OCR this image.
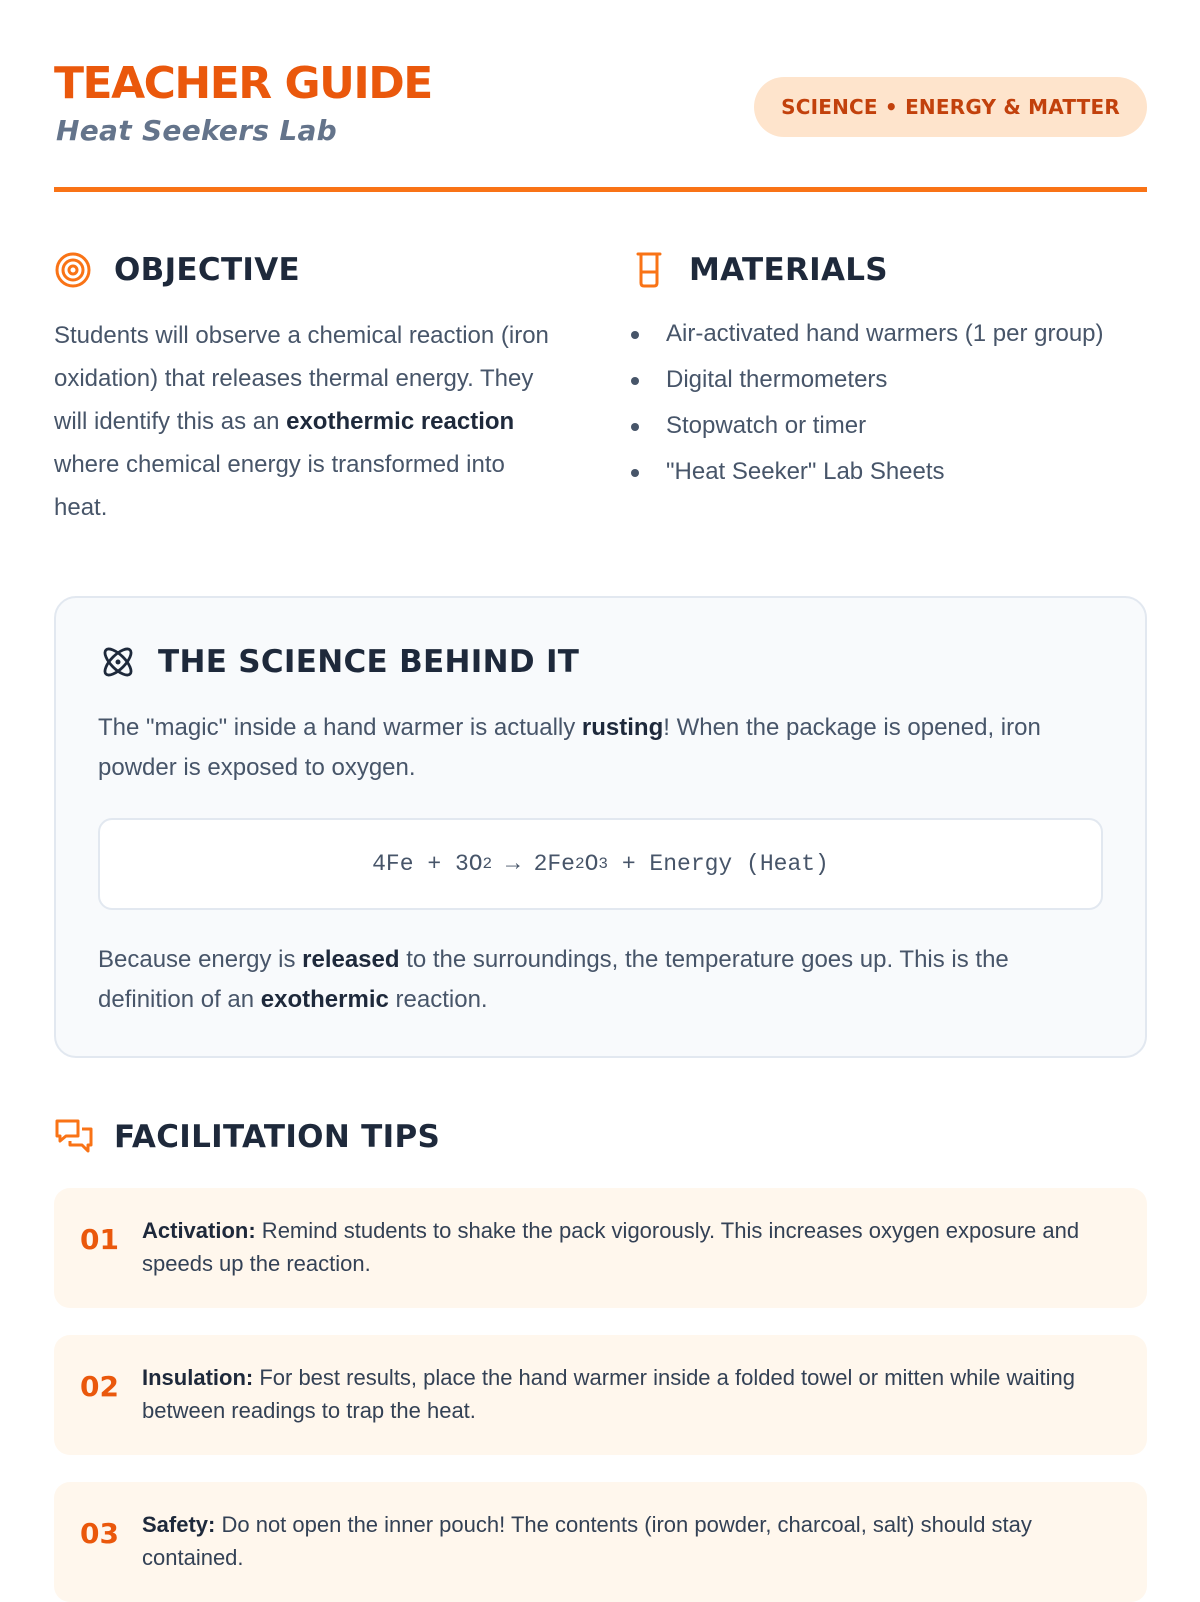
TEACHER GUIDE
Heat Seekers Lab
SCIENCE • ENERGY & MATTER
OBJECTIVE
Students will observe a chemical reaction (iron oxidation) that releases thermal energy. They will identify this as an exothermic reaction where chemical energy is transformed into heat.
MATERIALS
Air-activated hand warmers (1 per group)
Digital thermometers
Stopwatch or timer
"Heat Seeker" Lab Sheets
THE SCIENCE BEHIND IT
The "magic" inside a hand warmer is actually rusting! When the package is opened, iron powder is exposed to oxygen.
4Fe + 3O 2 → 2Fe 2 O 3 + Energy (Heat)
Because energy is released to the surroundings, the temperature goes up. This is the definition of an exothermic reaction.
FACILITATION TIPS
01	Activation: Remind students to shake the pack vigorously. This increases oxygen exposure and speeds up the reaction.
02	Insulation: For best results, place the hand warmer inside a folded towel or mitten while waiting between readings to trap the heat.
03	Safety: Do not open the inner pouch! The contents (iron powder, charcoal, salt) should stay contained.
